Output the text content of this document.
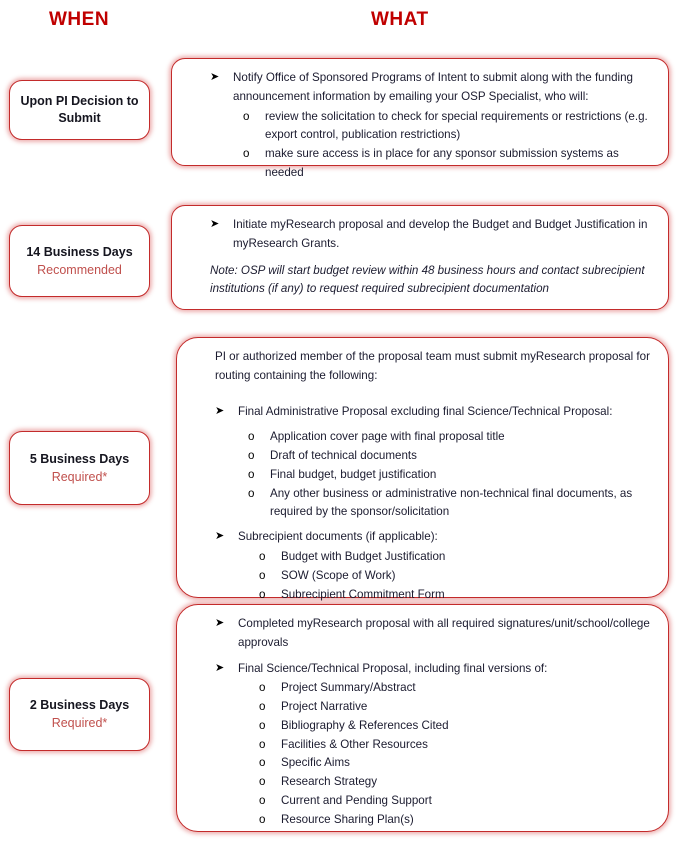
WHEN	WHAT
Upon PI Decision to Submit
14 Business Days
Recommended
5 Business Days
Required*
2 Business Days
Required*
➤ Notify Office of Sponsored Programs of Intent to submit along with the funding announcement information by emailing your OSP Specialist, who will:
o review the solicitation to check for special requirements or restrictions (e.g. export control, publication restrictions)
o make sure access is in place for any sponsor submission systems as needed
➤ Initiate myResearch proposal and develop the Budget and Budget Justification in myResearch Grants.
Note: OSP will start budget review within 48 business hours and contact subrecipient institutions (if any) to request required subrecipient documentation
PI or authorized member of the proposal team must submit myResearch proposal for routing containing the following:
➤ Final Administrative Proposal excluding final Science/Technical Proposal:
o Application cover page with final proposal title
o Draft of technical documents
o Final budget, budget justification
o Any other business or administrative non-technical final documents, as required by the sponsor/solicitation
➤ Subrecipient documents (if applicable):
o Budget with Budget Justification
o SOW (Scope of Work)
o Subrecipient Commitment Form
➤ Completed myResearch proposal with all required signatures/unit/school/college approvals
➤ Final Science/Technical Proposal, including final versions of:
o Project Summary/Abstract
o Project Narrative
o Bibliography & References Cited
o Facilities & Other Resources
o Specific Aims
o Research Strategy
o Current and Pending Support
o Resource Sharing Plan(s)
